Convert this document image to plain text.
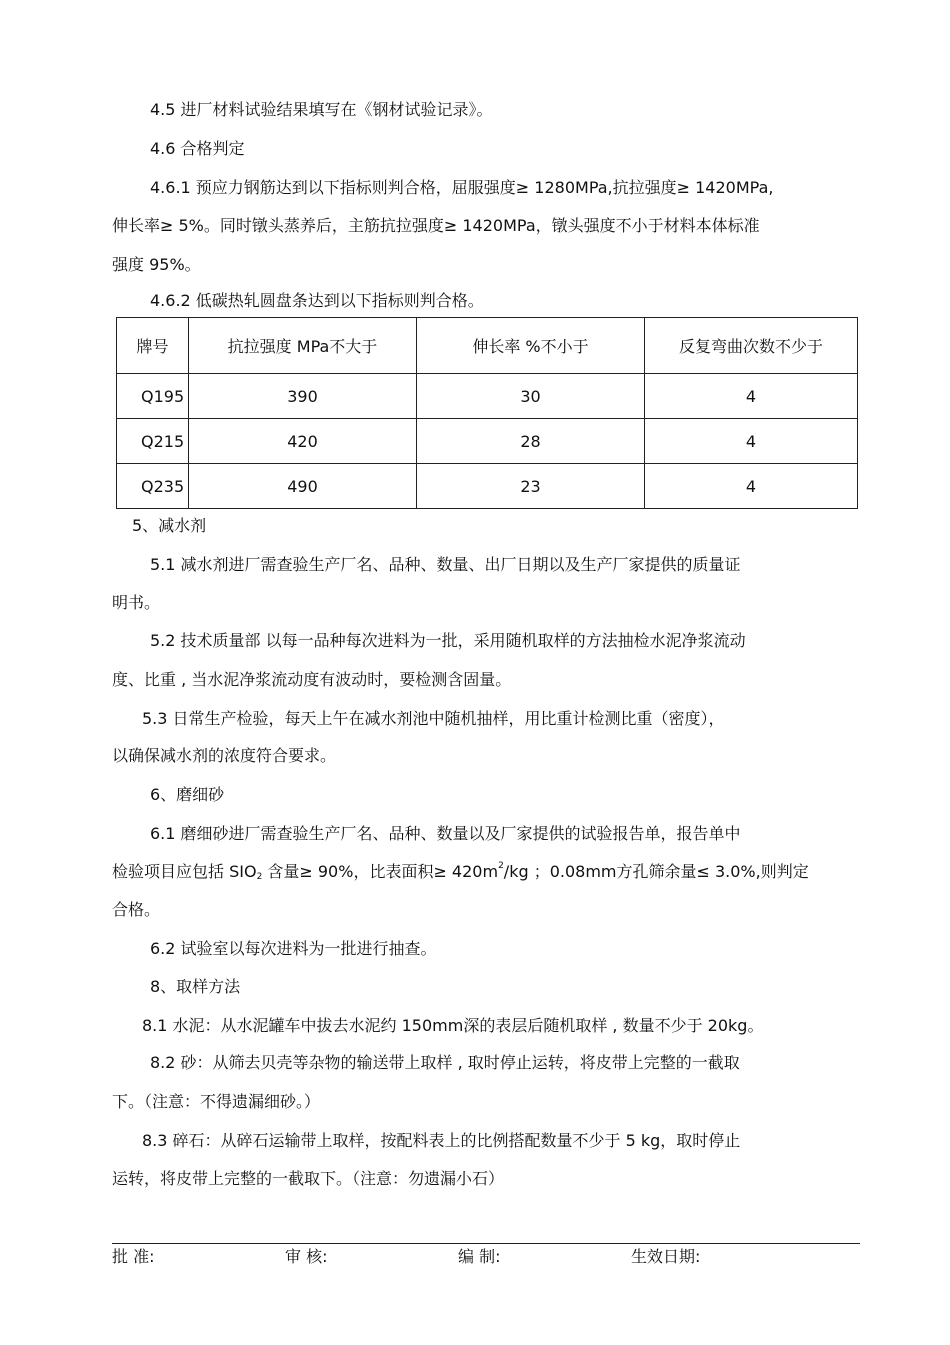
4.5 进厂材料试验结果填写在《钢材试验记录》。
4.6 合格判定
4.6.1 预应力钢筋达到以下指标则判合格，屈服强度≥ 1280MPa,抗拉强度≥ 1420MPa,
伸长率≥ 5%。同时镦头蒸养后，主筋抗拉强度≥ 1420MPa，镦头强度不小于材料本体标准
强度 95%。
4.6.2 低碳热轧圆盘条达到以下指标则判合格。
牌号	抗拉强度 MPa不大于	伸长率 %不小于	反复弯曲次数不少于
Q195	390	30	4
Q215	420	28	4
Q235	490	23	4
5、减水剂
5.1 减水剂进厂需查验生产厂名、品种、数量、出厂日期以及生产厂家提供的质量证
明书。
5.2 技术质量部 以每一品种每次进料为一批，采用随机取样的方法抽检水泥净浆流动
度、比重 , 当水泥净浆流动度有波动时，要检测含固量。
5.3 日常生产检验，每天上午在减水剂池中随机抽样，用比重计检测比重（密度），
以确保减水剂的浓度符合要求。
6、磨细砂
6.1 磨细砂进厂需查验生产厂名、品种、数量以及厂家提供的试验报告单，报告单中
检验项目应包括 $SIO_2$ 含量≥ 90%，比表面积≥ $420m^2/kg$ ；0.08mm方孔筛余量≤ 3.0%,则判定
合格。
6.2 试验室以每次进料为一批进行抽查。
8、取样方法
8.1 水泥：从水泥罐车中拔去水泥约 150mm深的表层后随机取样 , 数量不少于 20kg。
8.2 砂：从筛去贝壳等杂物的输送带上取样 , 取时停止运转，将皮带上完整的一截取
下。（注意：不得遗漏细砂。）
8.3 碎石：从碎石运输带上取样，按配料表上的比例搭配数量不少于 5 kg，取时停止
运转，将皮带上完整的一截取下。（注意：勿遗漏小石）
批 准:	审 核:	编 制:	生效日期:
